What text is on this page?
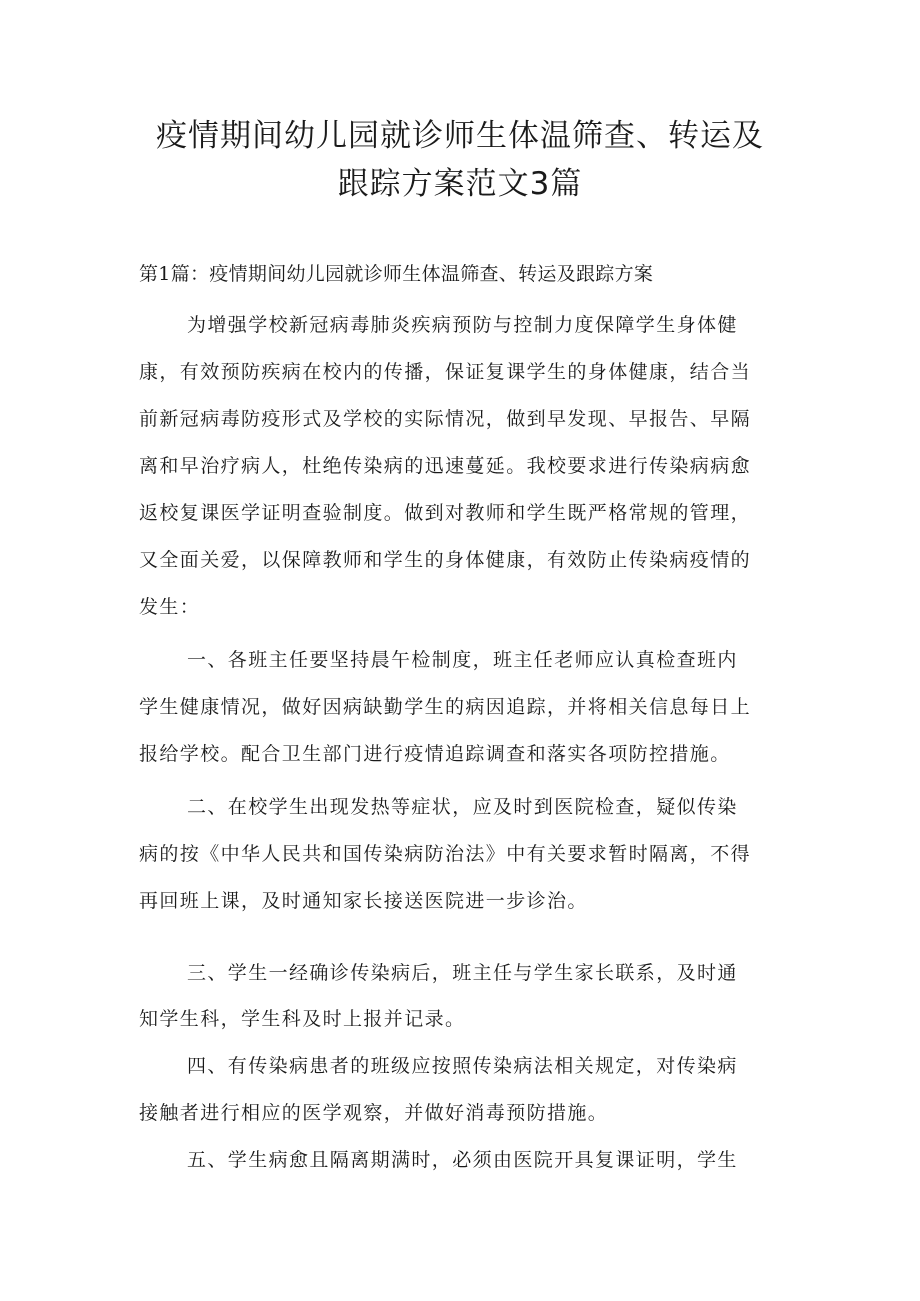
疫情期间幼儿园就诊师生体温筛查、转运及
跟踪方案范文3篇
第1篇：疫情期间幼儿园就诊师生体温筛查、转运及跟踪方案
为增强学校新冠病毒肺炎疾病预防与控制力度保障学生身体健
康，有效预防疾病在校内的传播，保证复课学生的身体健康，结合当
前新冠病毒防疫形式及学校的实际情况，做到早发现、早报告、早隔
离和早治疗病人，杜绝传染病的迅速蔓延。我校要求进行传染病病愈
返校复课医学证明查验制度。做到对教师和学生既严格常规的管理，
又全面关爱，以保障教师和学生的身体健康，有效防止传染病疫情的
发生：
一、各班主任要坚持晨午检制度，班主任老师应认真检查班内
学生健康情况，做好因病缺勤学生的病因追踪，并将相关信息每日上
报给学校。配合卫生部门进行疫情追踪调查和落实各项防控措施。
二、在校学生出现发热等症状，应及时到医院检查，疑似传染
病的按《中华人民共和国传染病防治法》中有关要求暂时隔离，不得
再回班上课，及时通知家长接送医院进一步诊治。
三、学生一经确诊传染病后，班主任与学生家长联系，及时通
知学生科，学生科及时上报并记录。
四、有传染病患者的班级应按照传染病法相关规定，对传染病
接触者进行相应的医学观察，并做好消毒预防措施。
五、学生病愈且隔离期满时，必须由医院开具复课证明，学生
